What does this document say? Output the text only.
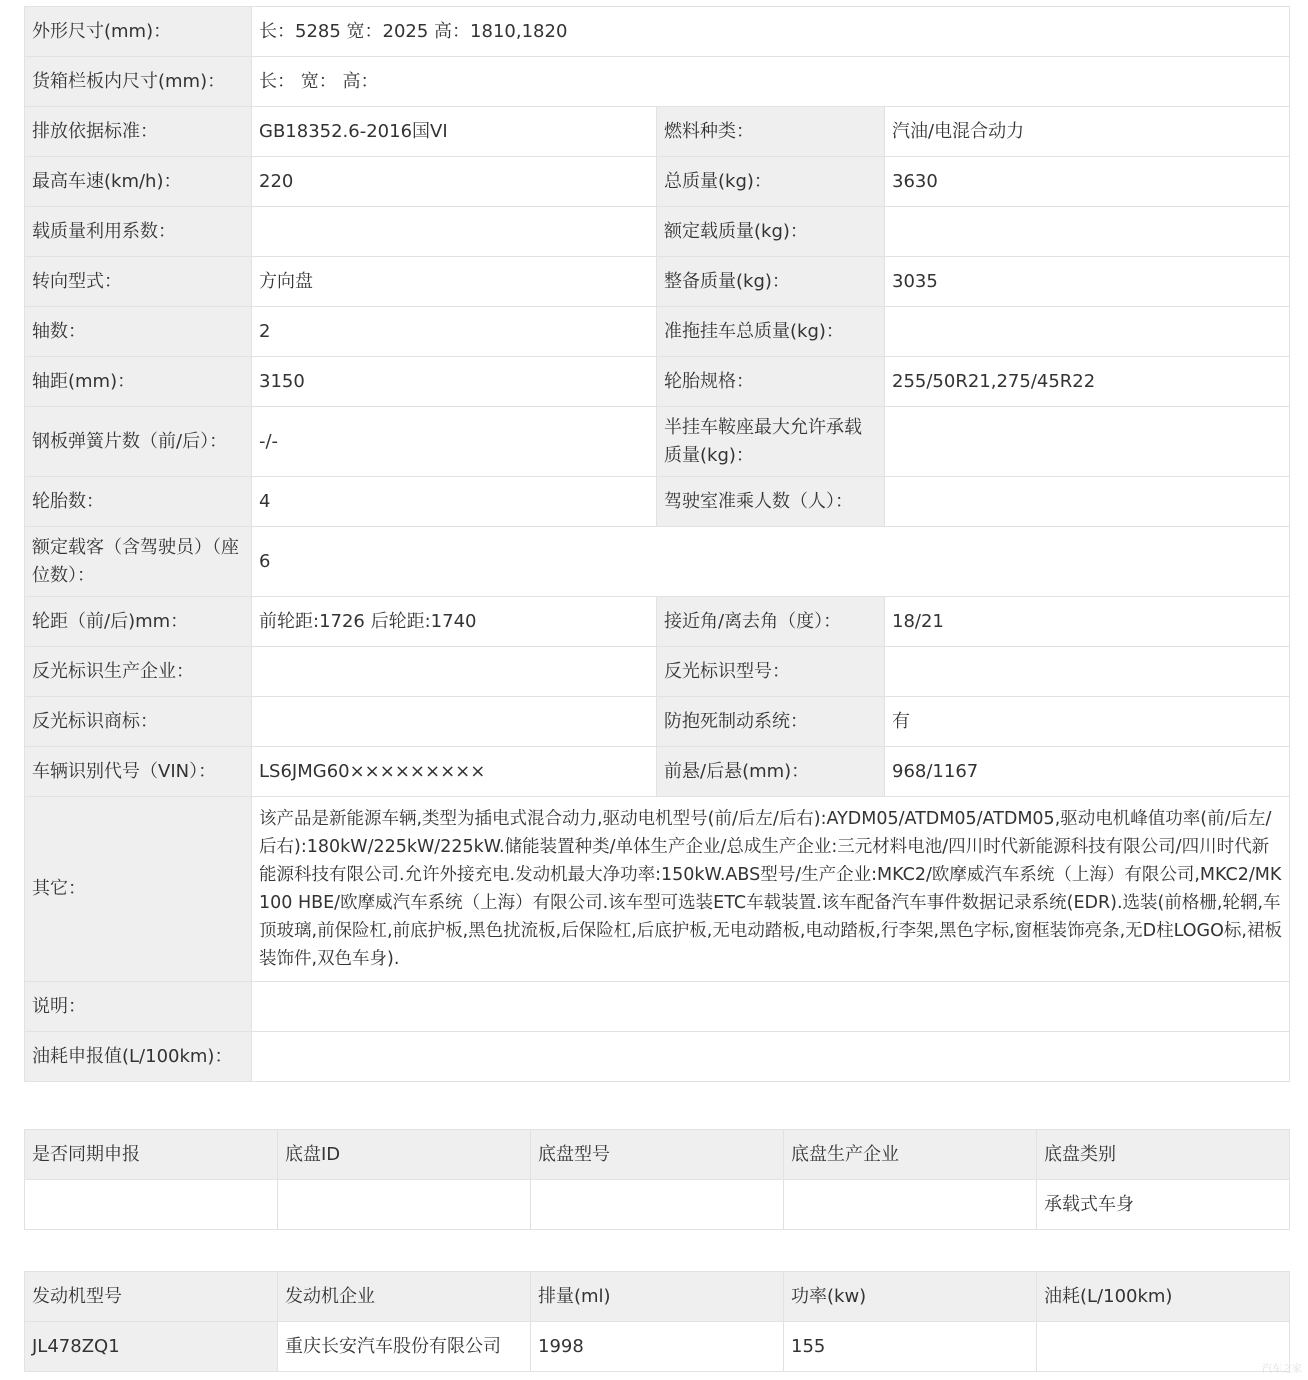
外形尺寸(mm)：	长：5285 宽：2025 高：1810,1820		
货箱栏板内尺寸(mm)：	长： 宽： 高：		
排放依据标准：	GB18352.6-2016国VI	燃料种类：	汽油/电混合动力
最高车速(km/h)：	220	总质量(kg)：	3630
载质量利用系数：		额定载质量(kg)：	
转向型式：	方向盘	整备质量(kg)：	3035
轴数：	2	准拖挂车总质量(kg)：	
轴距(mm)：	3150	轮胎规格：	255/50R21,275/45R22
钢板弹簧片数（前/后）：	-/-	半挂车鞍座最大允许承载质量(kg)：	
轮胎数：	4	驾驶室准乘人数（人）：	
额定载客（含驾驶员）（座位数）：	6		
轮距（前/后)mm：	前轮距:1726 后轮距:1740	接近角/离去角（度）：	18/21
反光标识生产企业：		反光标识型号：	
反光标识商标：		防抱死制动系统：	有
车辆识别代号（VIN）：	LS6JMG60×××××××××	前悬/后悬(mm)：	968/1167
其它：	该产品是新能源车辆,类型为插电式混合动力,驱动电机型号(前/后左/后右):AYDM05/ATDM05/ATDM05,驱动电机峰值功率(前/后左/后右):180kW/225kW/225kW.储能装置种类/单体生产企业/总成生产企业:三元材料电池/四川时代新能源科技有限公司/四川时代新能源科技有限公司.允许外接充电.发动机最大净功率:150kW.ABS型号/生产企业:MKC2/欧摩威汽车系统（上海）有限公司,MKC2/MK100 HBE/欧摩威汽车系统（上海）有限公司.该车型可选装ETC车载装置.该车配备汽车事件数据记录系统(EDR).选装(前格栅,轮辋,车顶玻璃,前保险杠,前底护板,黑色扰流板,后保险杠,后底护板,无电动踏板,电动踏板,行李架,黑色字标,窗框装饰亮条,无D柱LOGO标,裙板装饰件,双色车身).		
说明：			
油耗申报值(L/100km)：			
是否同期申报	底盘ID	底盘型号	底盘生产企业	底盘类别
				承载式车身
发动机型号	发动机企业	排量(ml)	功率(kw)	油耗(L/100km)
JL478ZQ1	重庆长安汽车股份有限公司	1998	155	
汽车之家
